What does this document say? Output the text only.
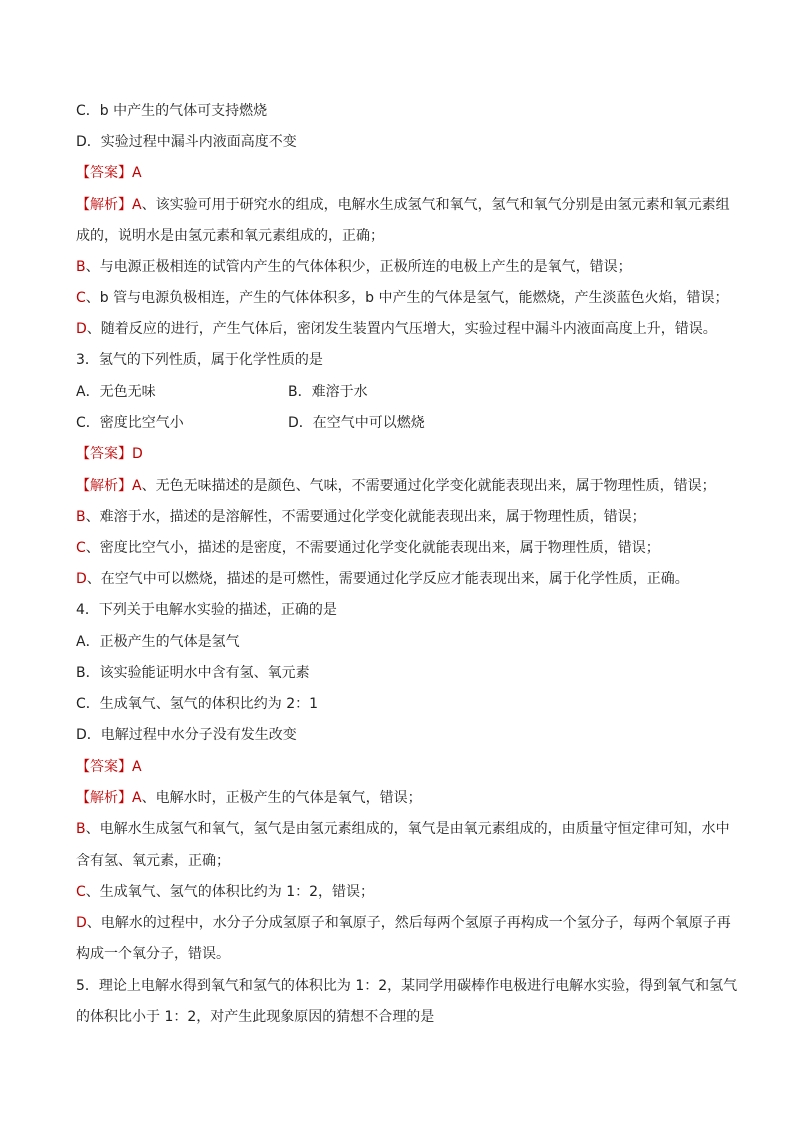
C．b 中产生的气体可支持燃烧
D．实验过程中漏斗内液面高度不变
【答案】A
【解析】A、该实验可用于研究水的组成，电解水生成氢气和氧气，氢气和氧气分别是由氢元素和氧元素组
成的，说明水是由氢元素和氧元素组成的，正确；
B、与电源正极相连的试管内产生的气体体积少，正极所连的电极上产生的是氧气，错误；
C、b 管与电源负极相连，产生的气体体积多，b 中产生的气体是氢气，能燃烧，产生淡蓝色火焰，错误；
D、随着反应的进行，产生气体后，密闭发生装置内气压增大，实验过程中漏斗内液面高度上升，错误。
3．氢气的下列性质，属于化学性质的是
A．无色无味	B．难溶于水
C．密度比空气小	D．在空气中可以燃烧
【答案】D
【解析】A、无色无味描述的是颜色、气味，不需要通过化学变化就能表现出来，属于物理性质，错误；
B、难溶于水，描述的是溶解性，不需要通过化学变化就能表现出来，属于物理性质，错误；
C、密度比空气小，描述的是密度，不需要通过化学变化就能表现出来，属于物理性质，错误；
D、在空气中可以燃烧，描述的是可燃性，需要通过化学反应才能表现出来，属于化学性质，正确。
4．下列关于电解水实验的描述，正确的是
A．正极产生的气体是氢气
B．该实验能证明水中含有氢、氧元素
C．生成氧气、氢气的体积比约为 2：1
D．电解过程中水分子没有发生改变
【答案】A
【解析】A、电解水时，正极产生的气体是氧气，错误；
B、电解水生成氢气和氧气，氢气是由氢元素组成的，氧气是由氧元素组成的，由质量守恒定律可知，水中
含有氢、氧元素，正确；
C、生成氧气、氢气的体积比约为 1：2，错误；
D、电解水的过程中，水分子分成氢原子和氧原子，然后每两个氢原子再构成一个氢分子，每两个氧原子再
构成一个氧分子，错误。
5．理论上电解水得到氧气和氢气的体积比为 1：2，某同学用碳棒作电极进行电解水实验，得到氧气和氢气
的体积比小于 1：2，对产生此现象原因的猜想不合理的是
